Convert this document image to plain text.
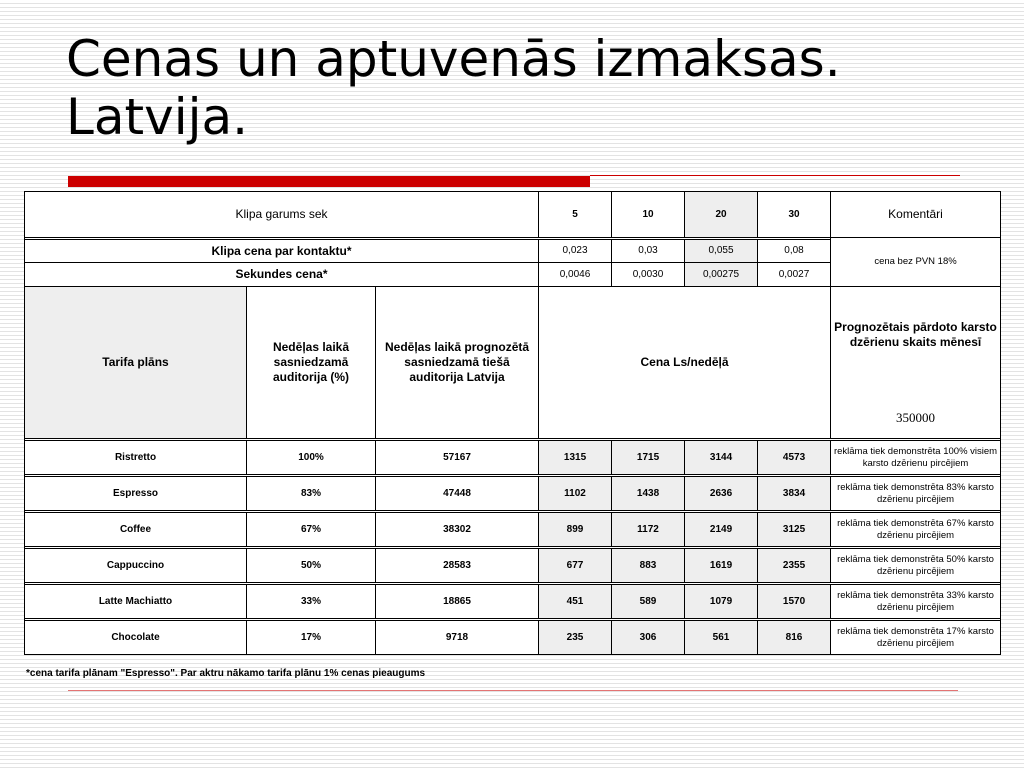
Cenas un aptuvenās izmaksas.
Latvija.
Klipa garums sek			5	10	20	30	Komentāri
							cena bez PVN 18%
Klipa cena par kontaktu*			0,023	0,03	0,055	0,08	
Sekundes cena*			0,0046	0,0030	0,00275	0,0027	
Tarifa plāns	Nedēļas laikā sasniedzamā auditorija (%)	Nedēļas laikā prognozētā sasniedzamā tiešā auditorija Latvija	Cena Ls/nedēļā				Prognozētais pārdoto karsto dzērienu skaits mēnesī
350000

Ristretto	100%	57167	1315	1715	3144	4573	reklāma tiek demonstrēta 100% visiem karsto dzērienu pircējiem

Espresso	83%	47448	1102	1438	2636	3834	reklāma tiek demonstrēta 83% karsto dzērienu pircējiem

Coffee	67%	38302	899	1172	2149	3125	reklāma tiek demonstrēta 67% karsto dzērienu pircējiem

Cappuccino	50%	28583	677	883	1619	2355	reklāma tiek demonstrēta 50% karsto dzērienu pircējiem

Latte Machiatto	33%	18865	451	589	1079	1570	reklāma tiek demonstrēta 33% karsto dzērienu pircējiem

Chocolate	17%	9718	235	306	561	816	reklāma tiek demonstrēta 17% karsto dzērienu pircējiem

*cena tarifa plānam "Espresso". Par aktru nākamo tarifa plānu 1% cenas pieaugums
